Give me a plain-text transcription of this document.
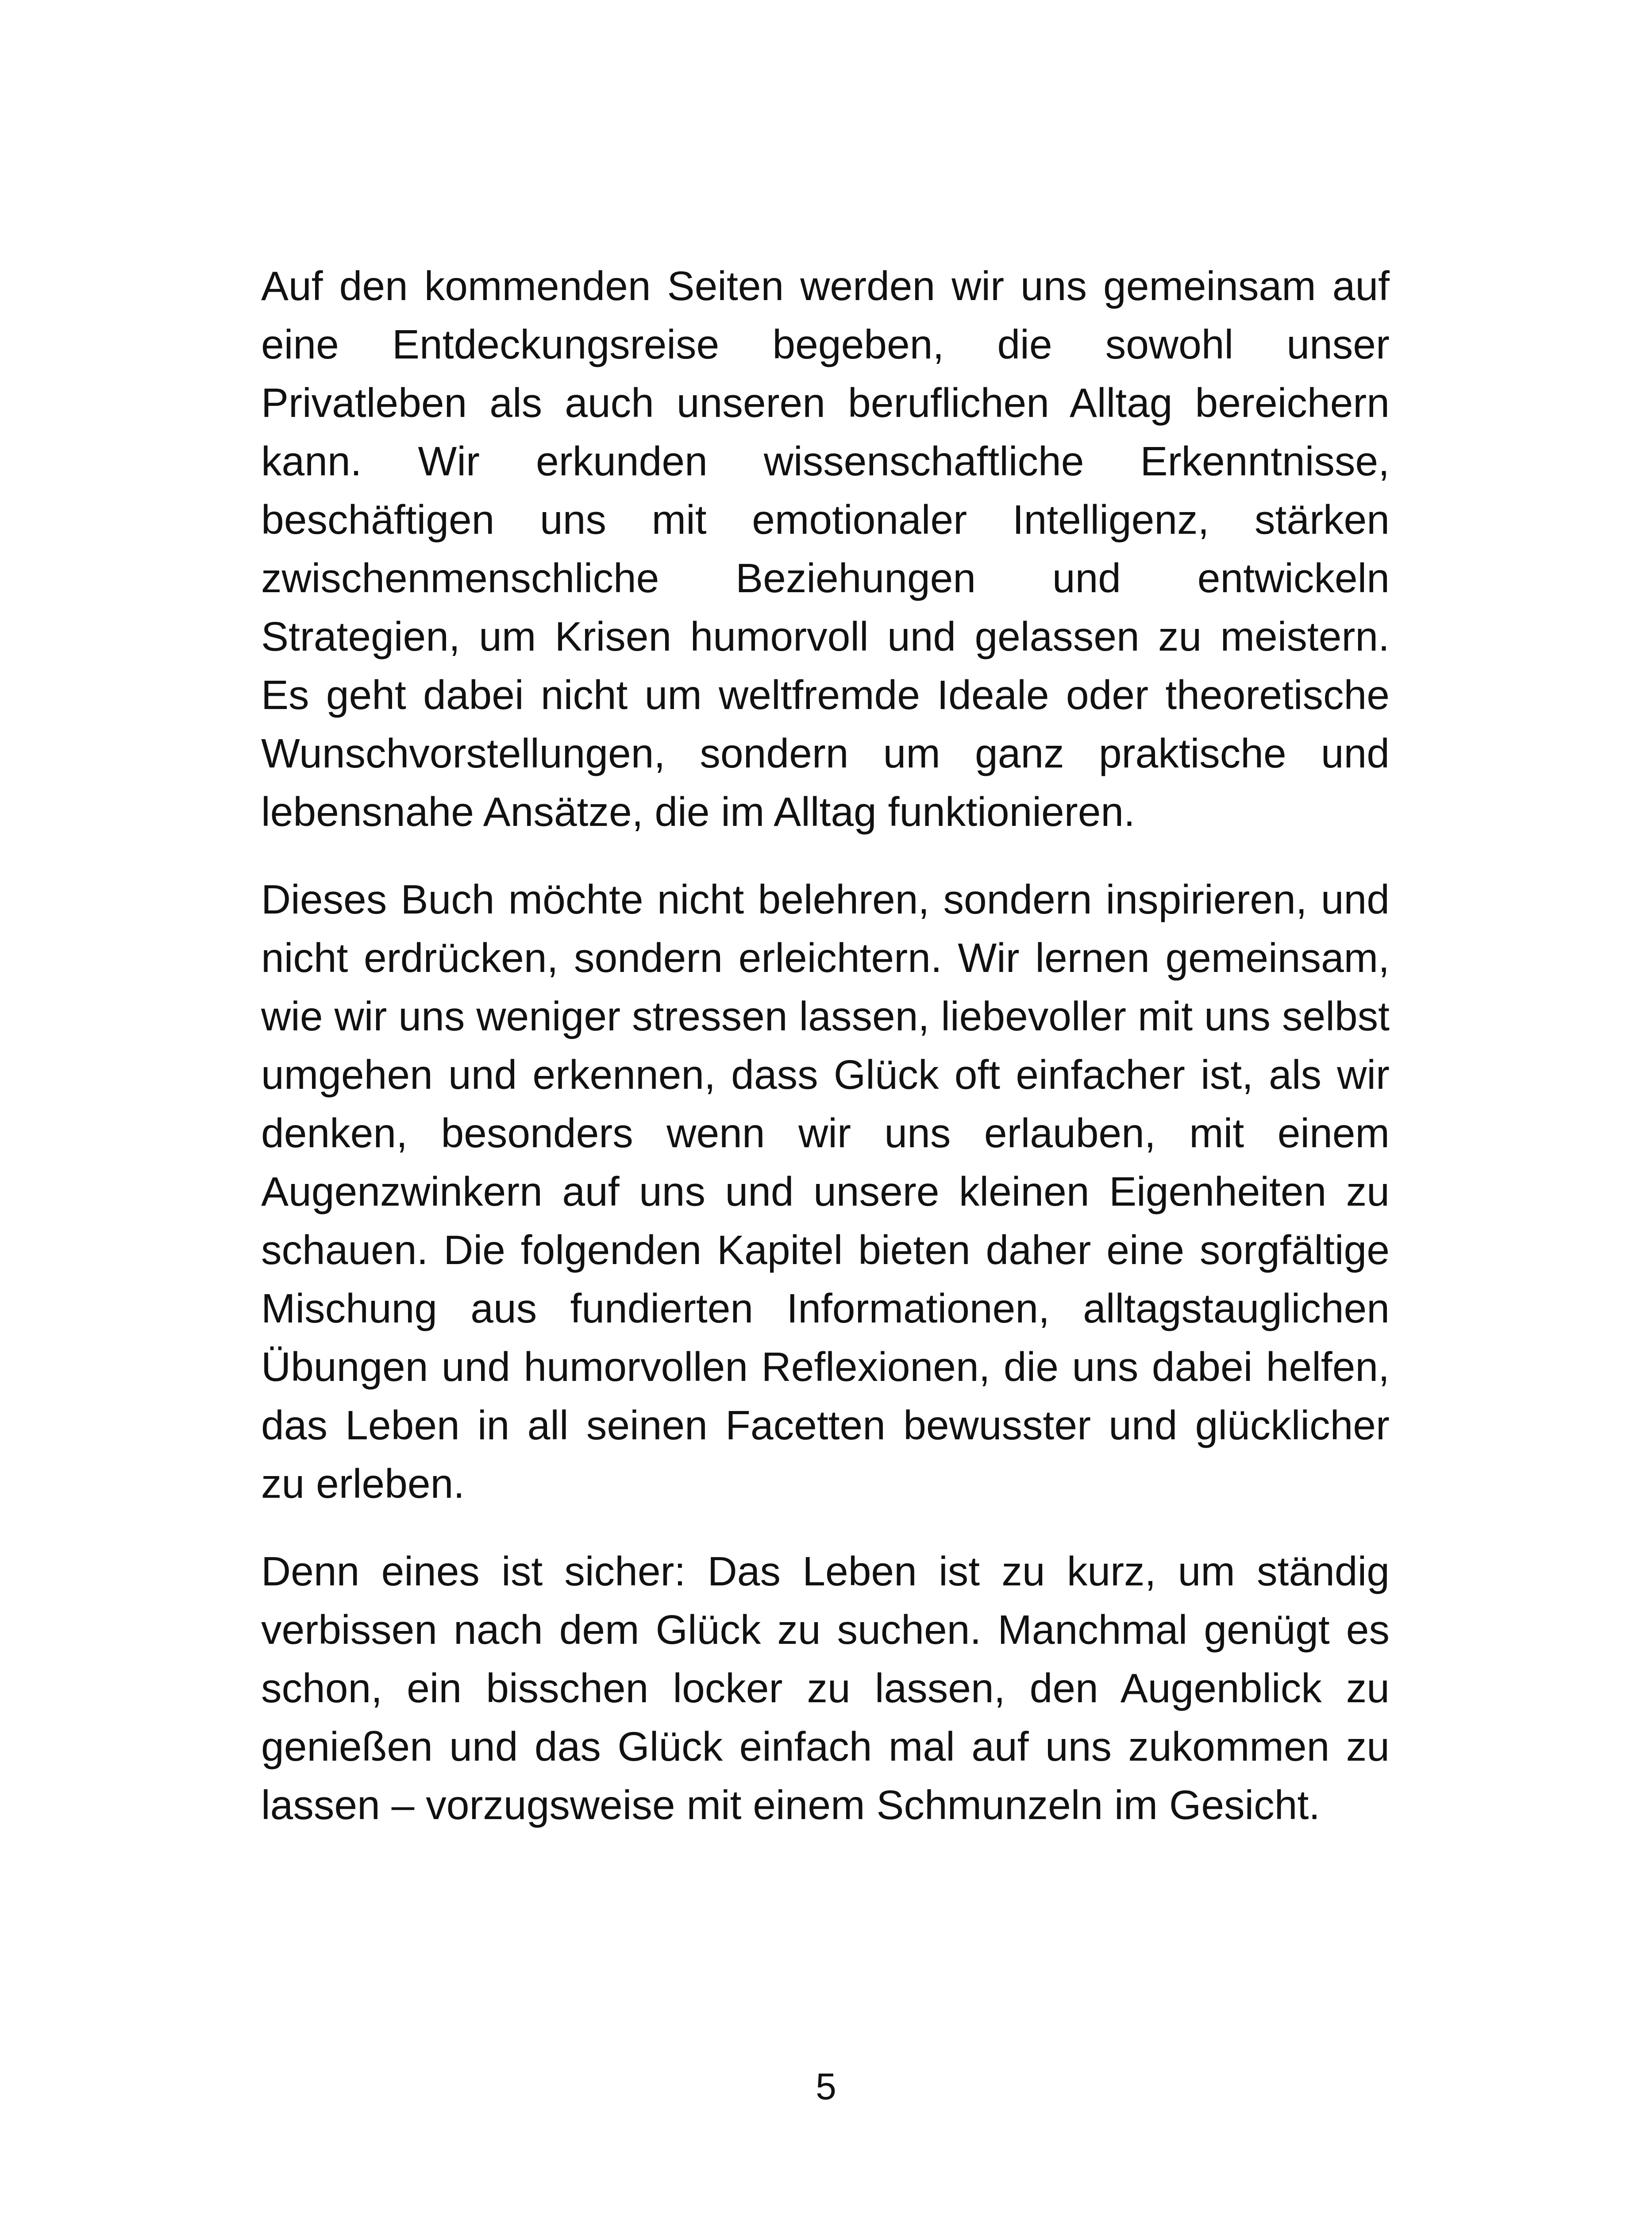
Auf den kommenden Seiten werden wir uns gemeinsam auf eine Entdeckungsreise begeben, die sowohl unser Privatleben als auch unseren beruflichen Alltag bereichern kann. Wir erkunden wissenschaftliche Erkenntnisse, beschäftigen uns mit emotionaler Intelligenz, stärken zwischenmenschliche Beziehungen und entwickeln Strategien, um Krisen humorvoll und gelassen zu meistern. Es geht dabei nicht um weltfremde Ideale oder theoretische Wunschvorstellungen, sondern um ganz praktische und lebensnahe Ansätze, die im Alltag funktionieren.

Dieses Buch möchte nicht belehren, sondern inspirieren, und nicht erdrücken, sondern erleichtern. Wir lernen gemeinsam, wie wir uns weniger stressen lassen, liebevoller mit uns selbst umgehen und erkennen, dass Glück oft einfacher ist, als wir denken, besonders wenn wir uns erlauben, mit einem Augenzwinkern auf uns und unsere kleinen Eigenheiten zu schauen. Die folgenden Kapitel bieten daher eine sorgfältige Mischung aus fundierten Informationen, alltagstauglichen Übungen und humorvollen Reflexionen, die uns dabei helfen, das Leben in all seinen Facetten bewusster und glücklicher zu erleben.

Denn eines ist sicher: Das Leben ist zu kurz, um ständig verbissen nach dem Glück zu suchen. Manchmal genügt es schon, ein bisschen locker zu lassen, den Augenblick zu genießen und das Glück einfach mal auf uns zukommen zu lassen – vorzugsweise mit einem Schmunzeln im Gesicht.

5
